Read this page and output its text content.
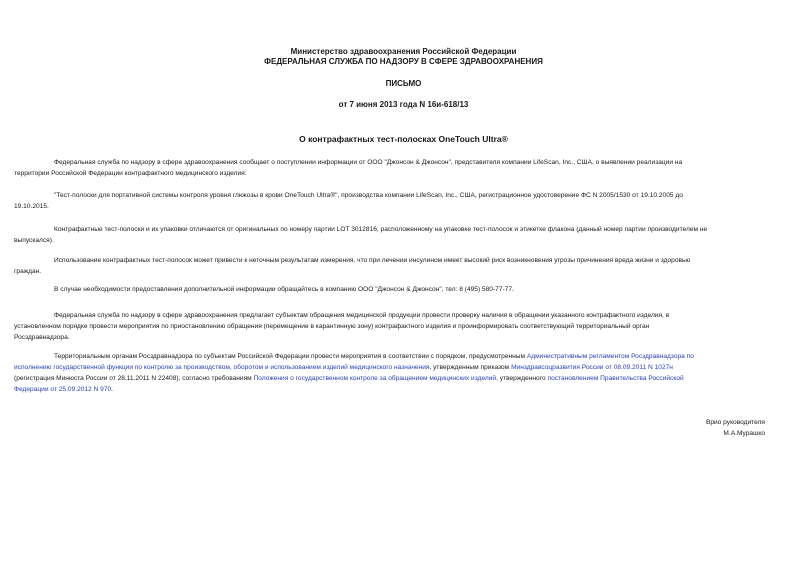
Министерство здравоохранения Российской Федерации
ФЕДЕРАЛЬНАЯ СЛУЖБА ПО НАДЗОРУ В СФЕРЕ ЗДРАВООХРАНЕНИЯ
ПИСЬМО
от 7 июня 2013 года N 16и-618/13
О контрафактных тест-полосках OneTouch Ultra®
Федеральная служба по надзору в сфере здравоохранения сообщает о поступлении информации от ООО "Джонсон & Джонсон", представителя компании LifeScan, Inc., США, о выявлении реализации на
территории Российской Федерации контрафактного медицинского изделия:
"Тест-полоски для портативной системы контроля уровня глюкозы в крови OneTouch Ultra®", производства компании LifeScan, Inc., США, регистрационное удостоверение ФС N 2005/1530 от 19.10.2005 до
19.10.2015.
Контрафактные тест-полоски и их упаковки отличаются от оригинальных по номеру партии LOT 3012816, расположенному на упаковке тест-полосок и этикетке флакона (данный номер партии производителем не
выпускался).
Использование контрафактных тест-полосок может привести к неточным результатам измерения, что при лечении инсулином имеет высокий риск возникновения угрозы причинения вреда жизни и здоровью
граждан.
В случае необходимости предоставления дополнительной информации обращайтесь в компанию ООО "Джонсон & Джонсон", тел: 8 (495) 580-77-77.
Федеральная служба по надзору в сфере здравоохранения предлагает субъектам обращения медицинской продукции провести проверку наличия в обращении указанного контрафактного изделия, в
установленном порядке провести мероприятия по приостановлению обращения (перемещение в карантинную зону) контрафактного изделия и проинформировать соответствующий территориальный орган
Росздравнадзора.
Территориальным органам Росздравнадзора по субъектам Российской Федерации провести мероприятия в соответствии с порядком, предусмотренным Административным регламентом Росздравнадзора по
исполнению государственной функции по контролю за производством, оборотом и использованием изделий медицинского назначения, утвержденным приказом Минздравсоцразвития России от 08.09.2011 N 1027н
(регистрация Минюста России от 28.11.2011 N 22408), согласно требованиям Положения о государственном контроле за обращением медицинских изделий, утвержденного постановлением Правительства Российской
Федерации от 25.09.2012 N 970.
Врио руководителя
М.А.Мурашко
